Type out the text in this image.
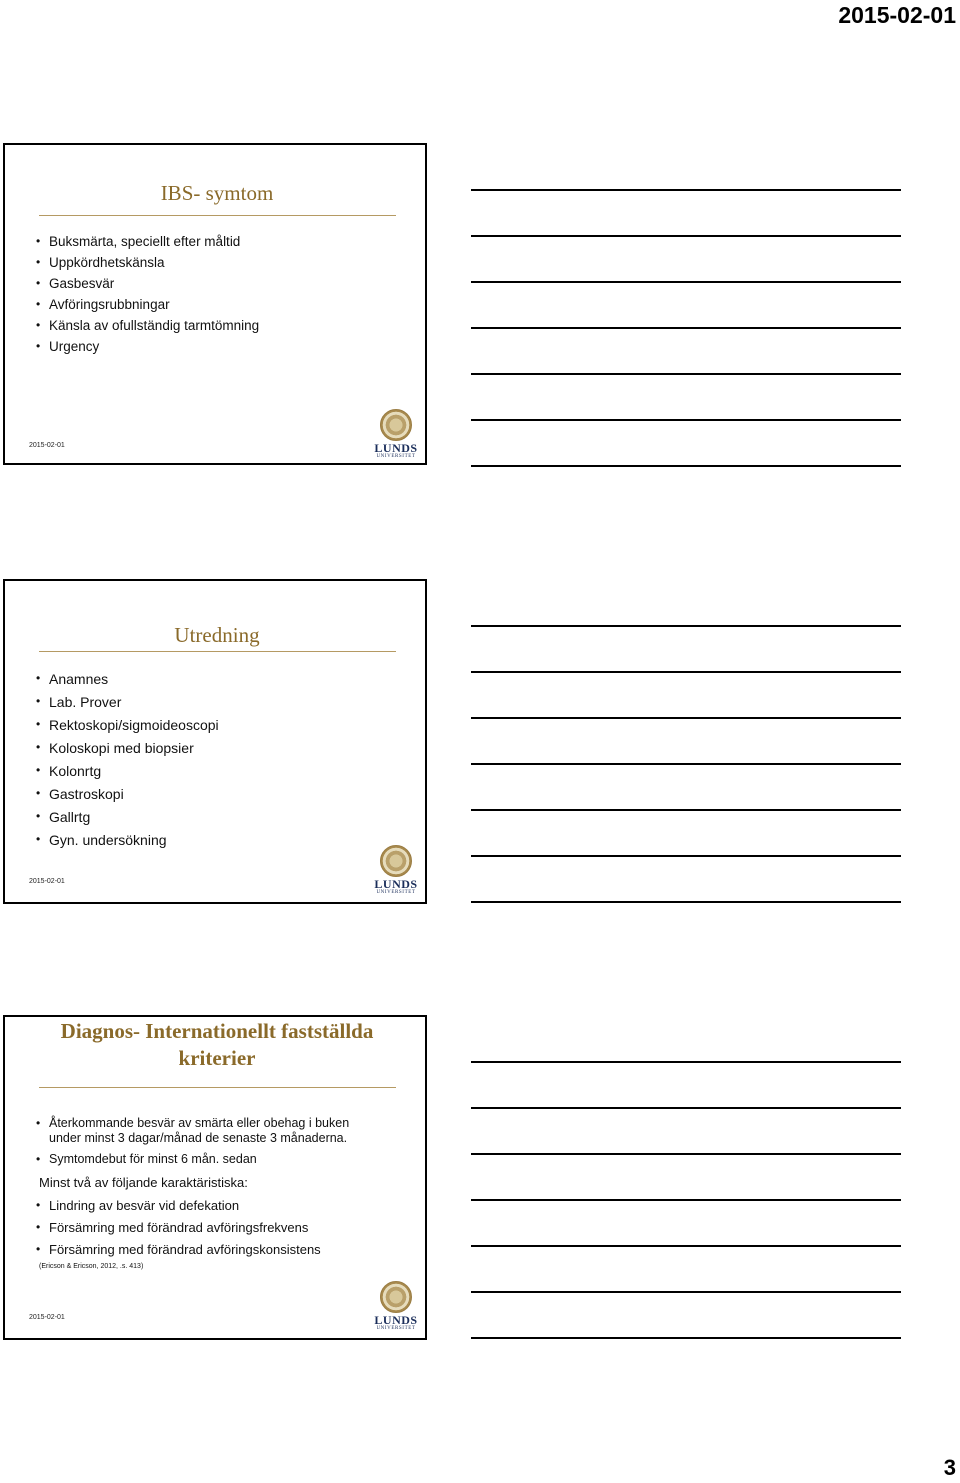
2015-02-01
IBS- symtom
• Buksmärta, speciellt efter måltid
• Uppkördhetskänsla
• Gasbesvär
• Avföringsrubbningar
• Känsla av ofullständig tarmtömning
• Urgency
2015-02-01	LUNDS
UNIVERSITET
Utredning
• Anamnes
• Lab. Prover
• Rektoskopi/sigmoideoscopi
• Koloskopi med biopsier
• Kolonrtg
• Gastroskopi
• Gallrtg
• Gyn. undersökning
2015-02-01	LUNDS
UNIVERSITET
Diagnos- Internationellt fastställda
kriterier
• Återkommande besvär av smärta eller obehag i buken under minst 3 dagar/månad de senaste 3 månaderna.
• Symtomdebut för minst 6 mån. sedan
Minst två av följande karaktäristiska:
• Lindring av besvär vid defekation
• Försämring med förändrad avföringsfrekvens
• Försämring med förändrad avföringskonsistens
(Ericson & Ericson, 2012, .s. 413)
2015-02-01	LUNDS
UNIVERSITET
3
